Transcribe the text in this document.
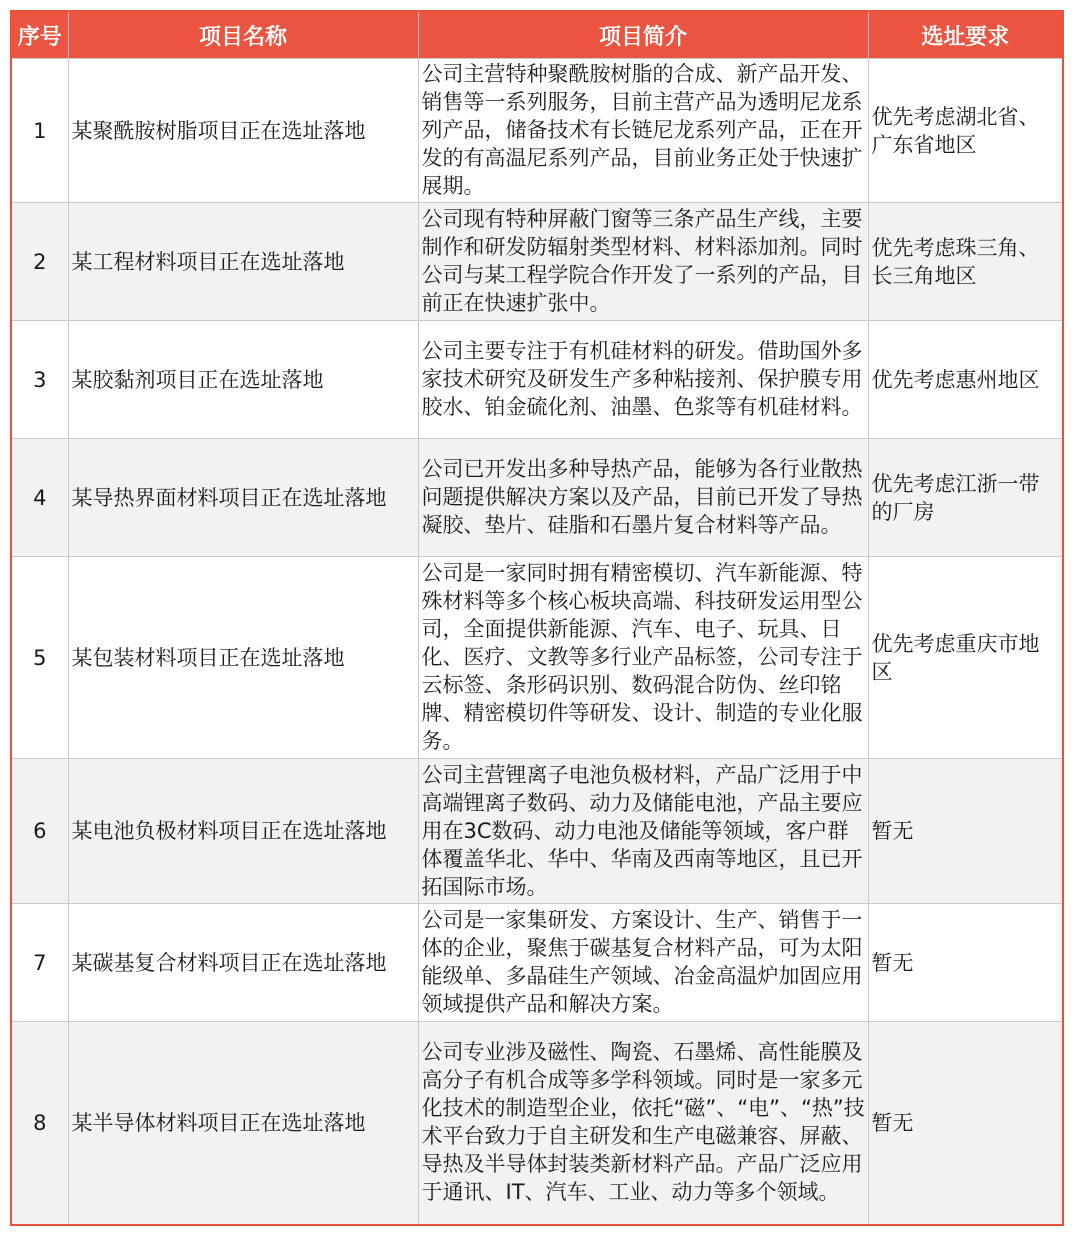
序号	项目名称	项目简介	选址要求
1	某聚酰胺树脂项目正在选址落地	公司主营特种聚酰胺树脂的合成、新产品开发、销售等一系列服务，目前主营产品为透明尼龙系列产品，储备技术有长链尼龙系列产品，正在开发的有高温尼系列产品，目前业务正处于快速扩展期。	优先考虑湖北省、广东省地区
2	某工程材料项目正在选址落地	公司现有特种屏蔽门窗等三条产品生产线，主要制作和研发防辐射类型材料、材料添加剂。同时公司与某工程学院合作开发了一系列的产品，目前正在快速扩张中。	优先考虑珠三角、长三角地区
3	某胶黏剂项目正在选址落地	公司主要专注于有机硅材料的研发。借助国外多家技术研究及研发生产多种粘接剂、保护膜专用胶水、铂金硫化剂、油墨、色浆等有机硅材料。	优先考虑惠州地区
4	某导热界面材料项目正在选址落地	公司已开发出多种导热产品，能够为各行业散热问题提供解决方案以及产品，目前已开发了导热凝胶、垫片、硅脂和石墨片复合材料等产品。	优先考虑江浙一带的厂房
5	某包装材料项目正在选址落地	公司是一家同时拥有精密模切、汽车新能源、特殊材料等多个核心板块高端、科技研发运用型公司，全面提供新能源、汽车、电子、玩具、日化、医疗、文教等多行业产品标签，公司专注于云标签、条形码识别、数码混合防伪、丝印铭牌、精密模切件等研发、设计、制造的专业化服务。	优先考虑重庆市地区
6	某电池负极材料项目正在选址落地	公司主营锂离子电池负极材料，产品广泛用于中高端锂离子数码、动力及储能电池，产品主要应用在3C数码、动力电池及储能等领域，客户群体覆盖华北、华中、华南及西南等地区，且已开拓国际市场。	暂无
7	某碳基复合材料项目正在选址落地	公司是一家集研发、方案设计、生产、销售于一体的企业，聚焦于碳基复合材料产品，可为太阳能级单、多晶硅生产领域、冶金高温炉加固应用领域提供产品和解决方案。	暂无
8	某半导体材料项目正在选址落地	公司专业涉及磁性、陶瓷、石墨烯、高性能膜及高分子有机合成等多学科领域。同时是一家多元化技术的制造型企业，依托“磁”、“电”、“热”技术平台致力于自主研发和生产电磁兼容、屏蔽、导热及半导体封装类新材料产品。产品广泛应用于通讯、IT、汽车、工业、动力等多个领域。	暂无
